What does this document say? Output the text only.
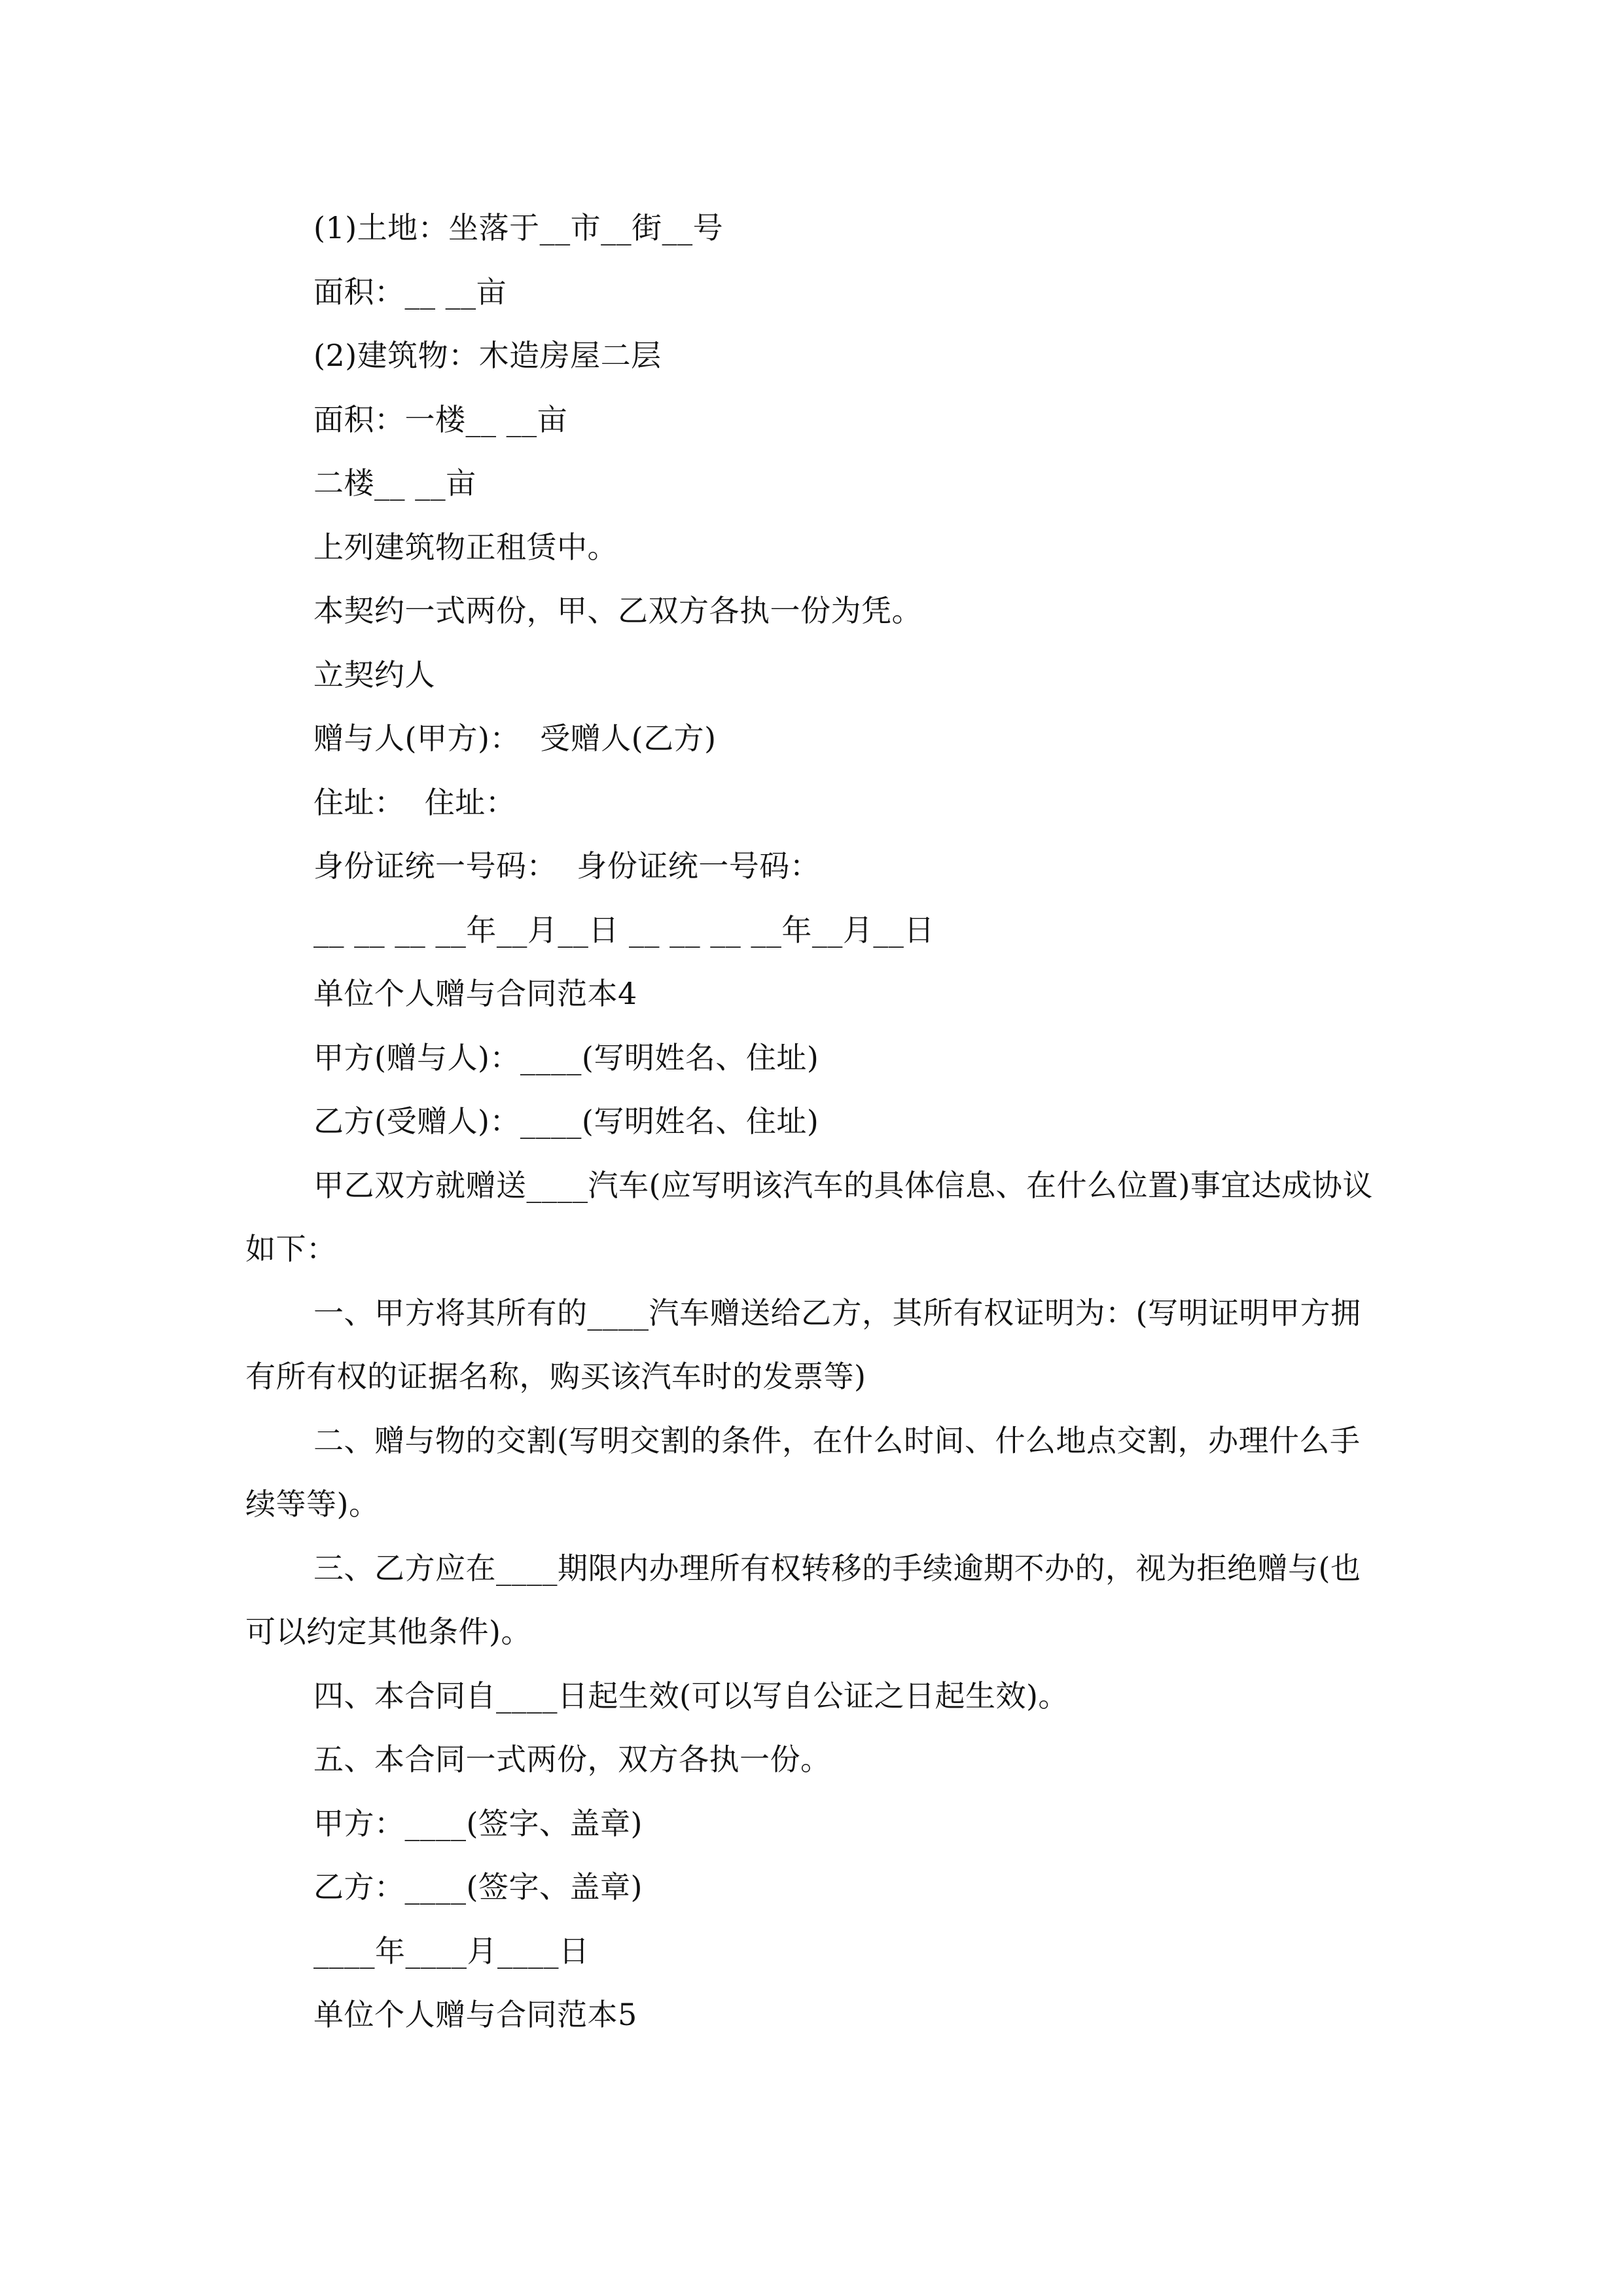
(1)土地：坐落于__市__街__号

面积：__ __亩

(2)建筑物：木造房屋二层

面积：一楼__ __亩

二楼__ __亩

上列建筑物正租赁中。

本契约一式两份，甲、乙双方各执一份为凭。

立契约人

赠与人(甲方)：  受赠人(乙方)

住址：  住址：

身份证统一号码：  身份证统一号码：

__ __ __ __年__月__日 __ __ __ __年__月__日

单位个人赠与合同范本4

甲方(赠与人)：____(写明姓名、住址)

乙方(受赠人)：____(写明姓名、住址)

甲乙双方就赠送____汽车(应写明该汽车的具体信息、在什么位置)事宜达成协议如下：

一、甲方将其所有的____汽车赠送给乙方，其所有权证明为：(写明证明甲方拥有所有权的证据名称，购买该汽车时的发票等)

二、赠与物的交割(写明交割的条件，在什么时间、什么地点交割，办理什么手续等等)。

三、乙方应在____期限内办理所有权转移的手续逾期不办的，视为拒绝赠与(也可以约定其他条件)。

四、本合同自____日起生效(可以写自公证之日起生效)。

五、本合同一式两份，双方各执一份。

甲方：____(签字、盖章)

乙方：____(签字、盖章)

____年____月____日

单位个人赠与合同范本5
